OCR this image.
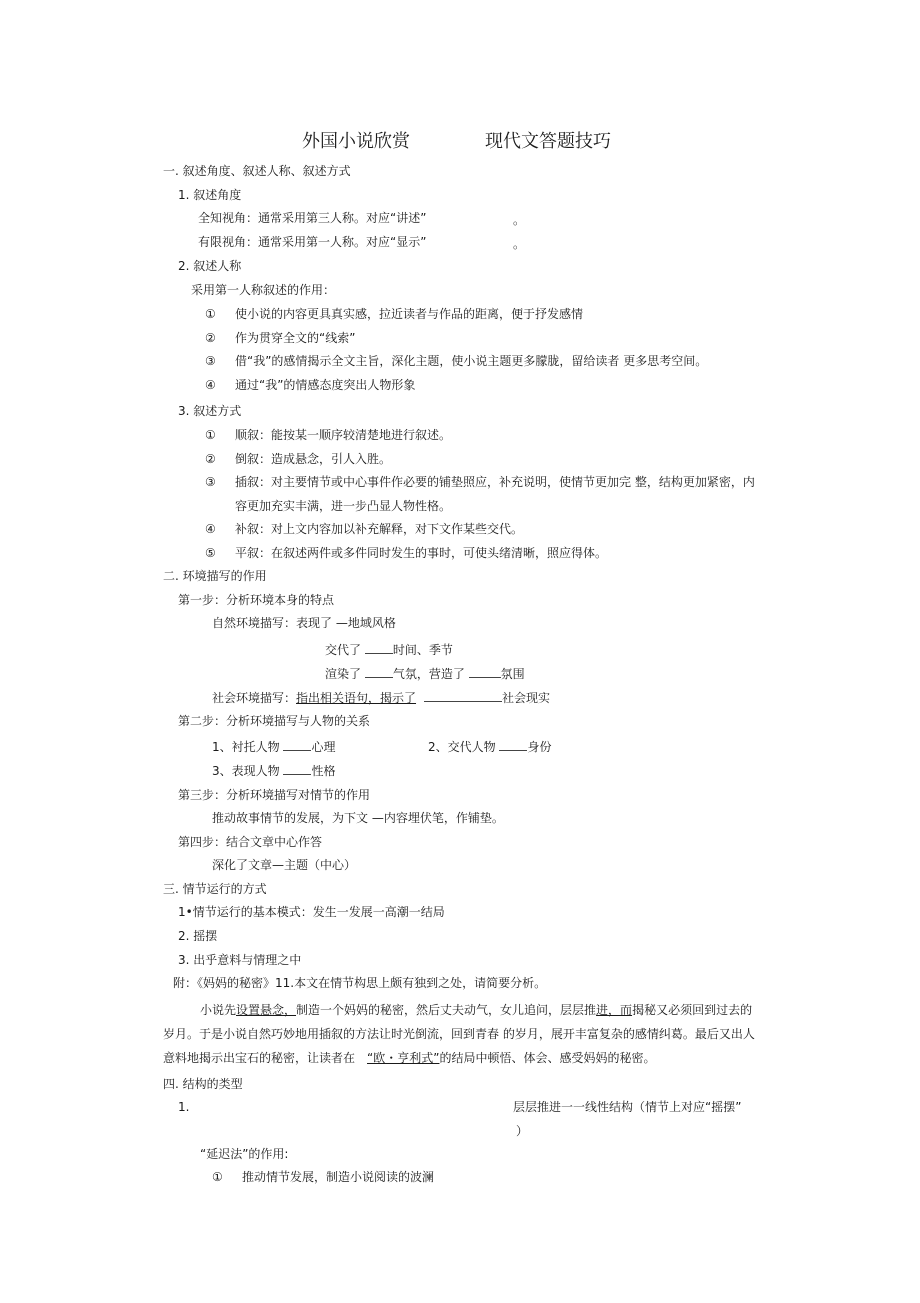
外国小说欣赏	现代文答题技巧
一. 叙述角度、叙述人称、叙述方式
1. 叙述角度
全知视角：通常采用第三人称。对应“讲述”	。
有限视角：通常采用第一人称。对应“显示”	。
2. 叙述人称
采用第一人称叙述的作用：
① 使小说的内容更具真实感，拉近读者与作品的距离，便于抒发感情
② 作为贯穿全文的“线索”
③ 借“我”的感情揭示全文主旨，深化主题，使小说主题更多朦胧，留给读者 更多思考空间。
④ 通过“我”的情感态度突出人物形象
3. 叙述方式
① 顺叙：能按某一顺序较清楚地进行叙述。
② 倒叙：造成悬念，引人入胜。
③ 插叙：对主要情节或中心事件作必要的铺垫照应，补充说明，使情节更加完 整，结构更加紧密，内
容更加充实丰满，进一步凸显人物性格。
④ 补叙：对上文内容加以补充解释，对下文作某些交代。
⑤ 平叙：在叙述两件或多件同时发生的事时，可使头绪清晰，照应得体。
二. 环境描写的作用
第一步：分析环境本身的特点
自然环境描写：表现了 —地域风格
交代了 时间、季节
渲染了 气氛，营造了	氛围
社会环境描写：指出相关语句，揭示了	社会现实
第二步：分析环境描写与人物的关系
1、衬托人物 心理	2、交代人物 身份
3、表现人物 性格
第三步：分析环境描写对情节的作用
推动故事情节的发展，为下文 —内容埋伏笔，作铺垫。
第四步：结合文章中心作答
深化了文章—主题（中心）
三. 情节运行的方式
1•情节运行的基本模式：发生一发展一高潮一结局
2. 摇摆
3. 出乎意料与情理之中
附：《妈妈的秘密》11.本文在情节构思上颇有独到之处，请简要分析。
小说先设置悬念，制造一个妈妈的秘密，然后丈夫动气，女儿追问，层层推进，而揭秘又必须回到过去的
岁月。于是小说自然巧妙地用插叙的方法让时光倒流，回到青春 的岁月，展开丰富复杂的感情纠葛。最后又出人
意料地揭示出宝石的秘密，让读者在 “欧・亨利式”的结局中顿悟、体会、感受妈妈的秘密。
四. 结构的类型
1.	层层推进一一线性结构（情节上对应“摇摆”
）
“延迟法”的作用:
① 推动情节发展，制造小说阅读的波澜
